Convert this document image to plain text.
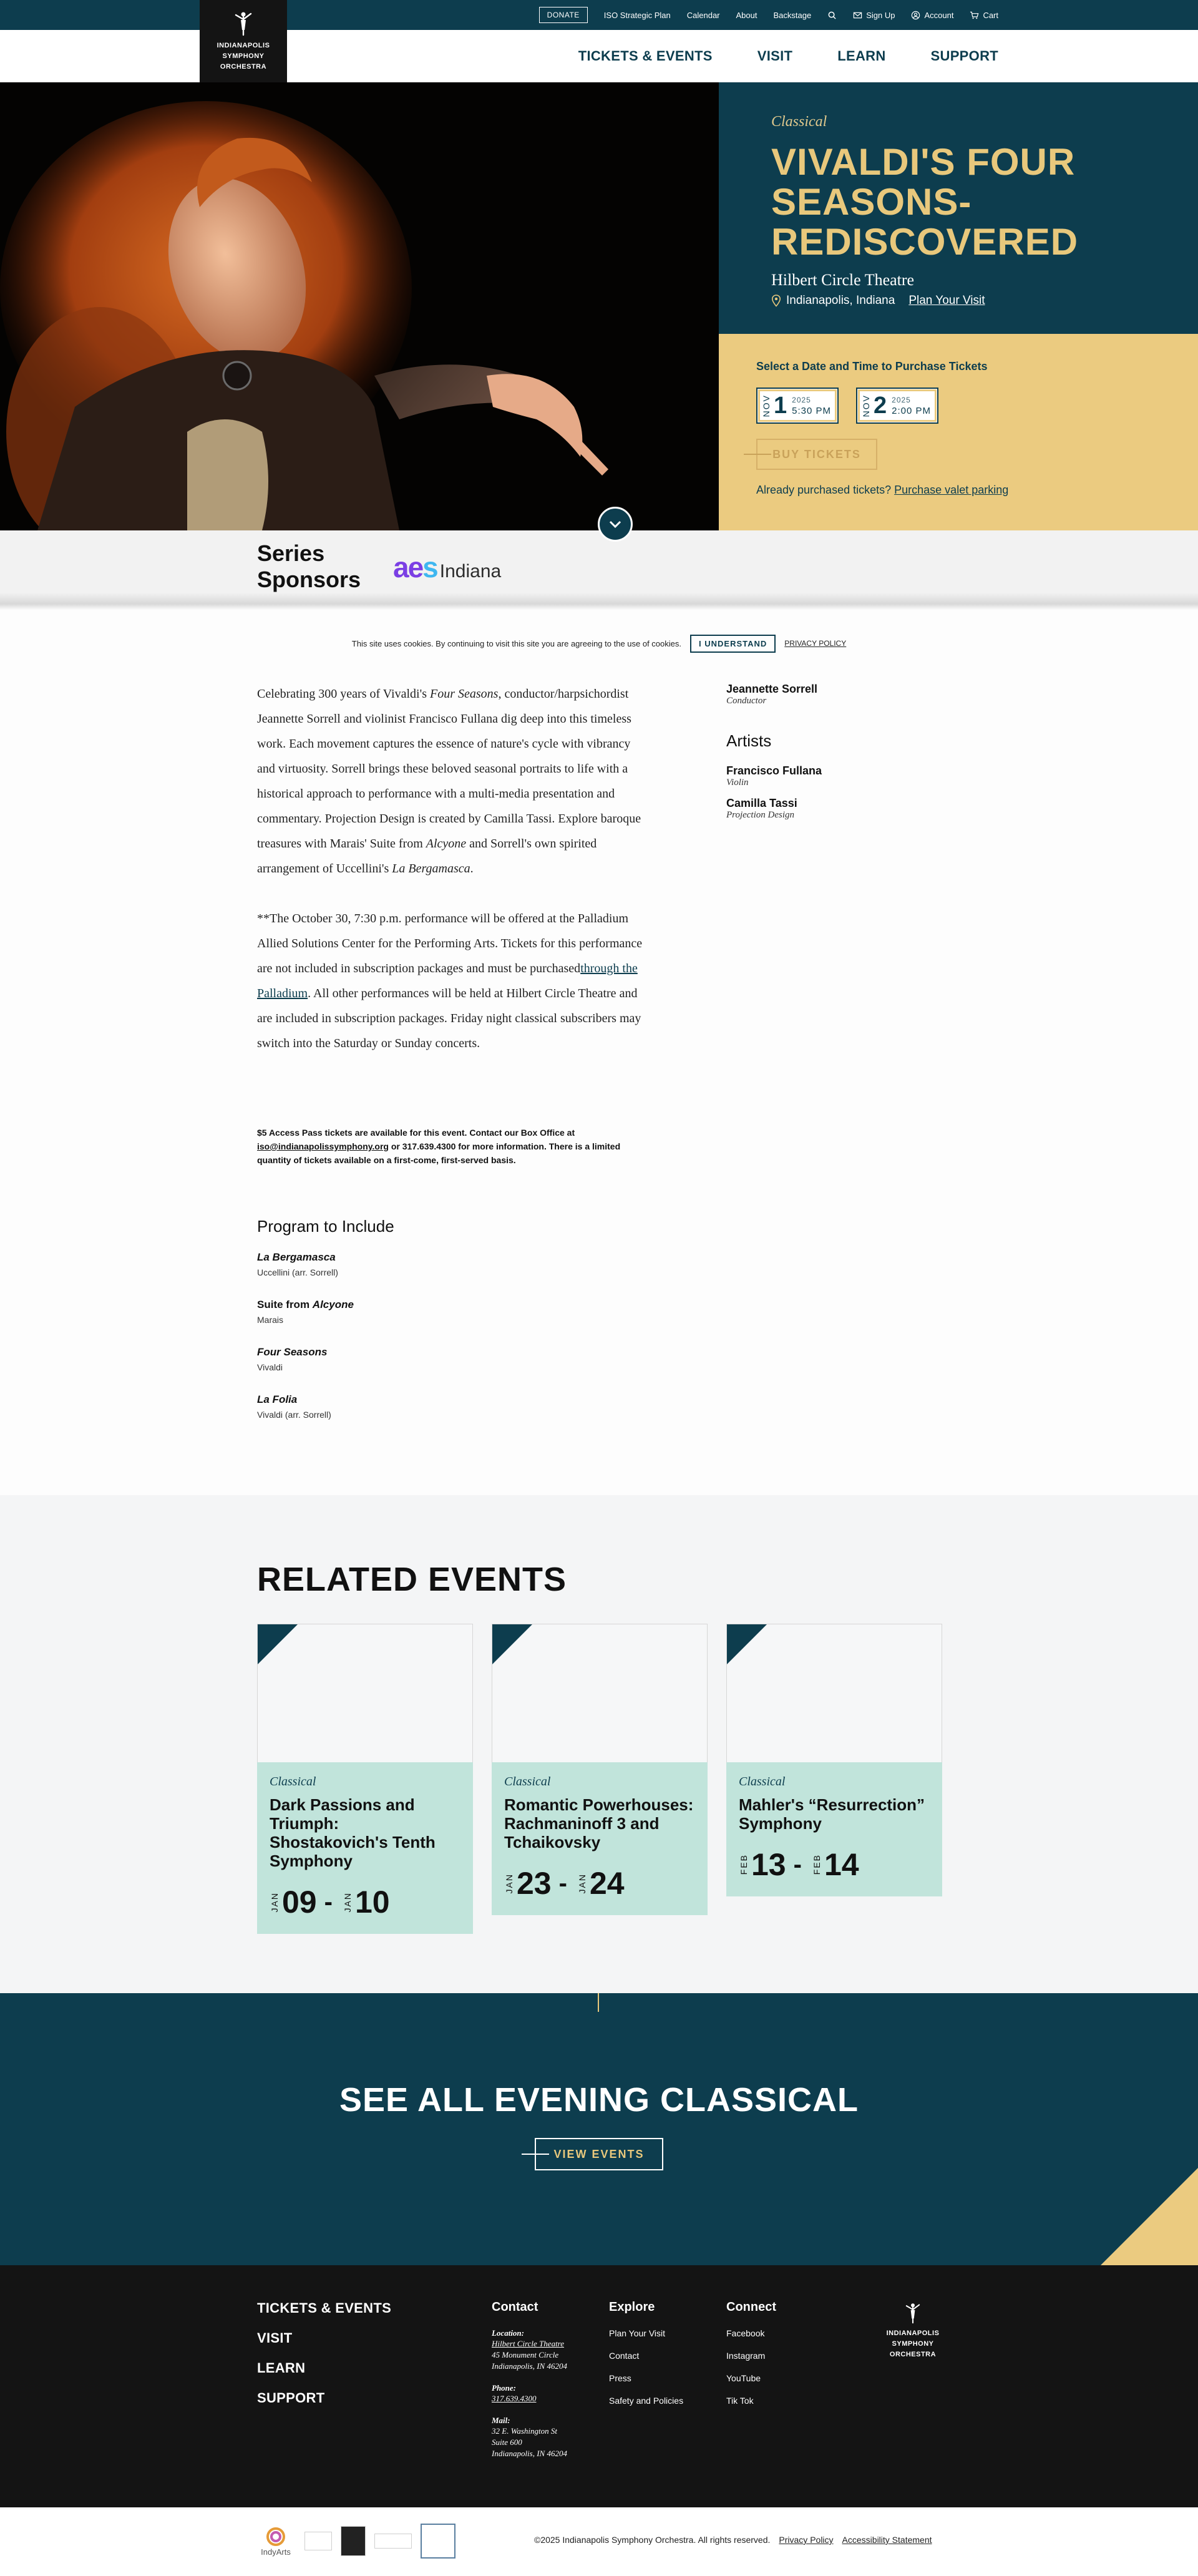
DONATE	ISO Strategic Plan Calendar About Backstage	Sign Up	Account	Cart
INDIANAPOLIS
SYMPHONY
ORCHESTRA
TICKETS & EVENTS	VISIT	LEARN	SUPPORT
Classical
VIVALDI'S FOUR SEASONS- REDISCOVERED
Hilbert Circle Theatre
Indianapolis, Indiana Plan Your Visit
Select a Date and Time to Purchase Tickets
NOV 1 2025
5:30 PM	NOV 2 2025
2:00 PM
BUY TICKETS
Already purchased tickets? Purchase valet parking
Series
Sponsors ae s Indiana
This site uses cookies. By continuing to visit this site you are agreeing to the use of cookies.	I UNDERSTAND	PRIVACY POLICY

Celebrating 300 years of Vivaldi's Four Seasons, conductor/harpsichordist Jeannette Sorrell and violinist Francisco Fullana dig deep into this timeless work. Each movement captures the essence of nature's cycle with vibrancy and virtuosity. Sorrell brings these beloved seasonal portraits to life with a historical approach to performance with a multi-media presentation and commentary. Projection Design is created by Camilla Tassi. Explore baroque treasures with Marais' Suite from Alcyone and Sorrell's own spirited arrangement of Uccellini's La Bergamasca.

**The October 30, 7:30 p.m. performance will be offered at the Palladium Allied Solutions Center for the Performing Arts. Tickets for this performance are not included in subscription packages and must be purchasedthrough the Palladium. All other performances will be held at Hilbert Circle Theatre and are included in subscription packages. Friday night classical subscribers may switch into the Saturday or Sunday concerts.

$5 Access Pass tickets are available for this event. Contact our Box Office at iso@indianapolissymphony.org or 317.639.4300 for more information. There is a limited quantity of tickets available on a first-come, first-served basis.
Jeannette Sorrell
Conductor
Artists
Francisco Fullana
Violin
Camilla Tassi
Projection Design
Program to Include
La Bergamasca
Uccellini (arr. Sorrell)
Suite from Alcyone
Marais
Four Seasons
Vivaldi
La Folia
Vivaldi (arr. Sorrell)
RELATED EVENTS
Classical
Dark Passions and Triumph: Shostakovich's Tenth Symphony
JAN 09 - JAN 10
Classical
Romantic Powerhouses: Rachmaninoff 3 and Tchaikovsky
JAN 23 - JAN 24
Classical
Mahler's “Resurrection” Symphony
FEB 13 - FEB 14
SEE ALL EVENING CLASSICAL
VIEW EVENTS
TICKETS & EVENTS
VISIT
LEARN
SUPPORT
Contact
Location:
Hilbert Circle Theatre
45 Monument Circle
Indianapolis, IN 46204
Phone:
317.639.4300
Mail:
32 E. Washington St
Suite 600
Indianapolis, IN 46204
Explore
Plan Your Visit
Contact
Press
Safety and Policies
Connect
Facebook
Instagram
YouTube
Tik Tok
INDIANAPOLIS
SYMPHONY
ORCHESTRA
IndyArts
©2025 Indianapolis Symphony Orchestra. All rights reserved. Privacy Policy Accessibility Statement
